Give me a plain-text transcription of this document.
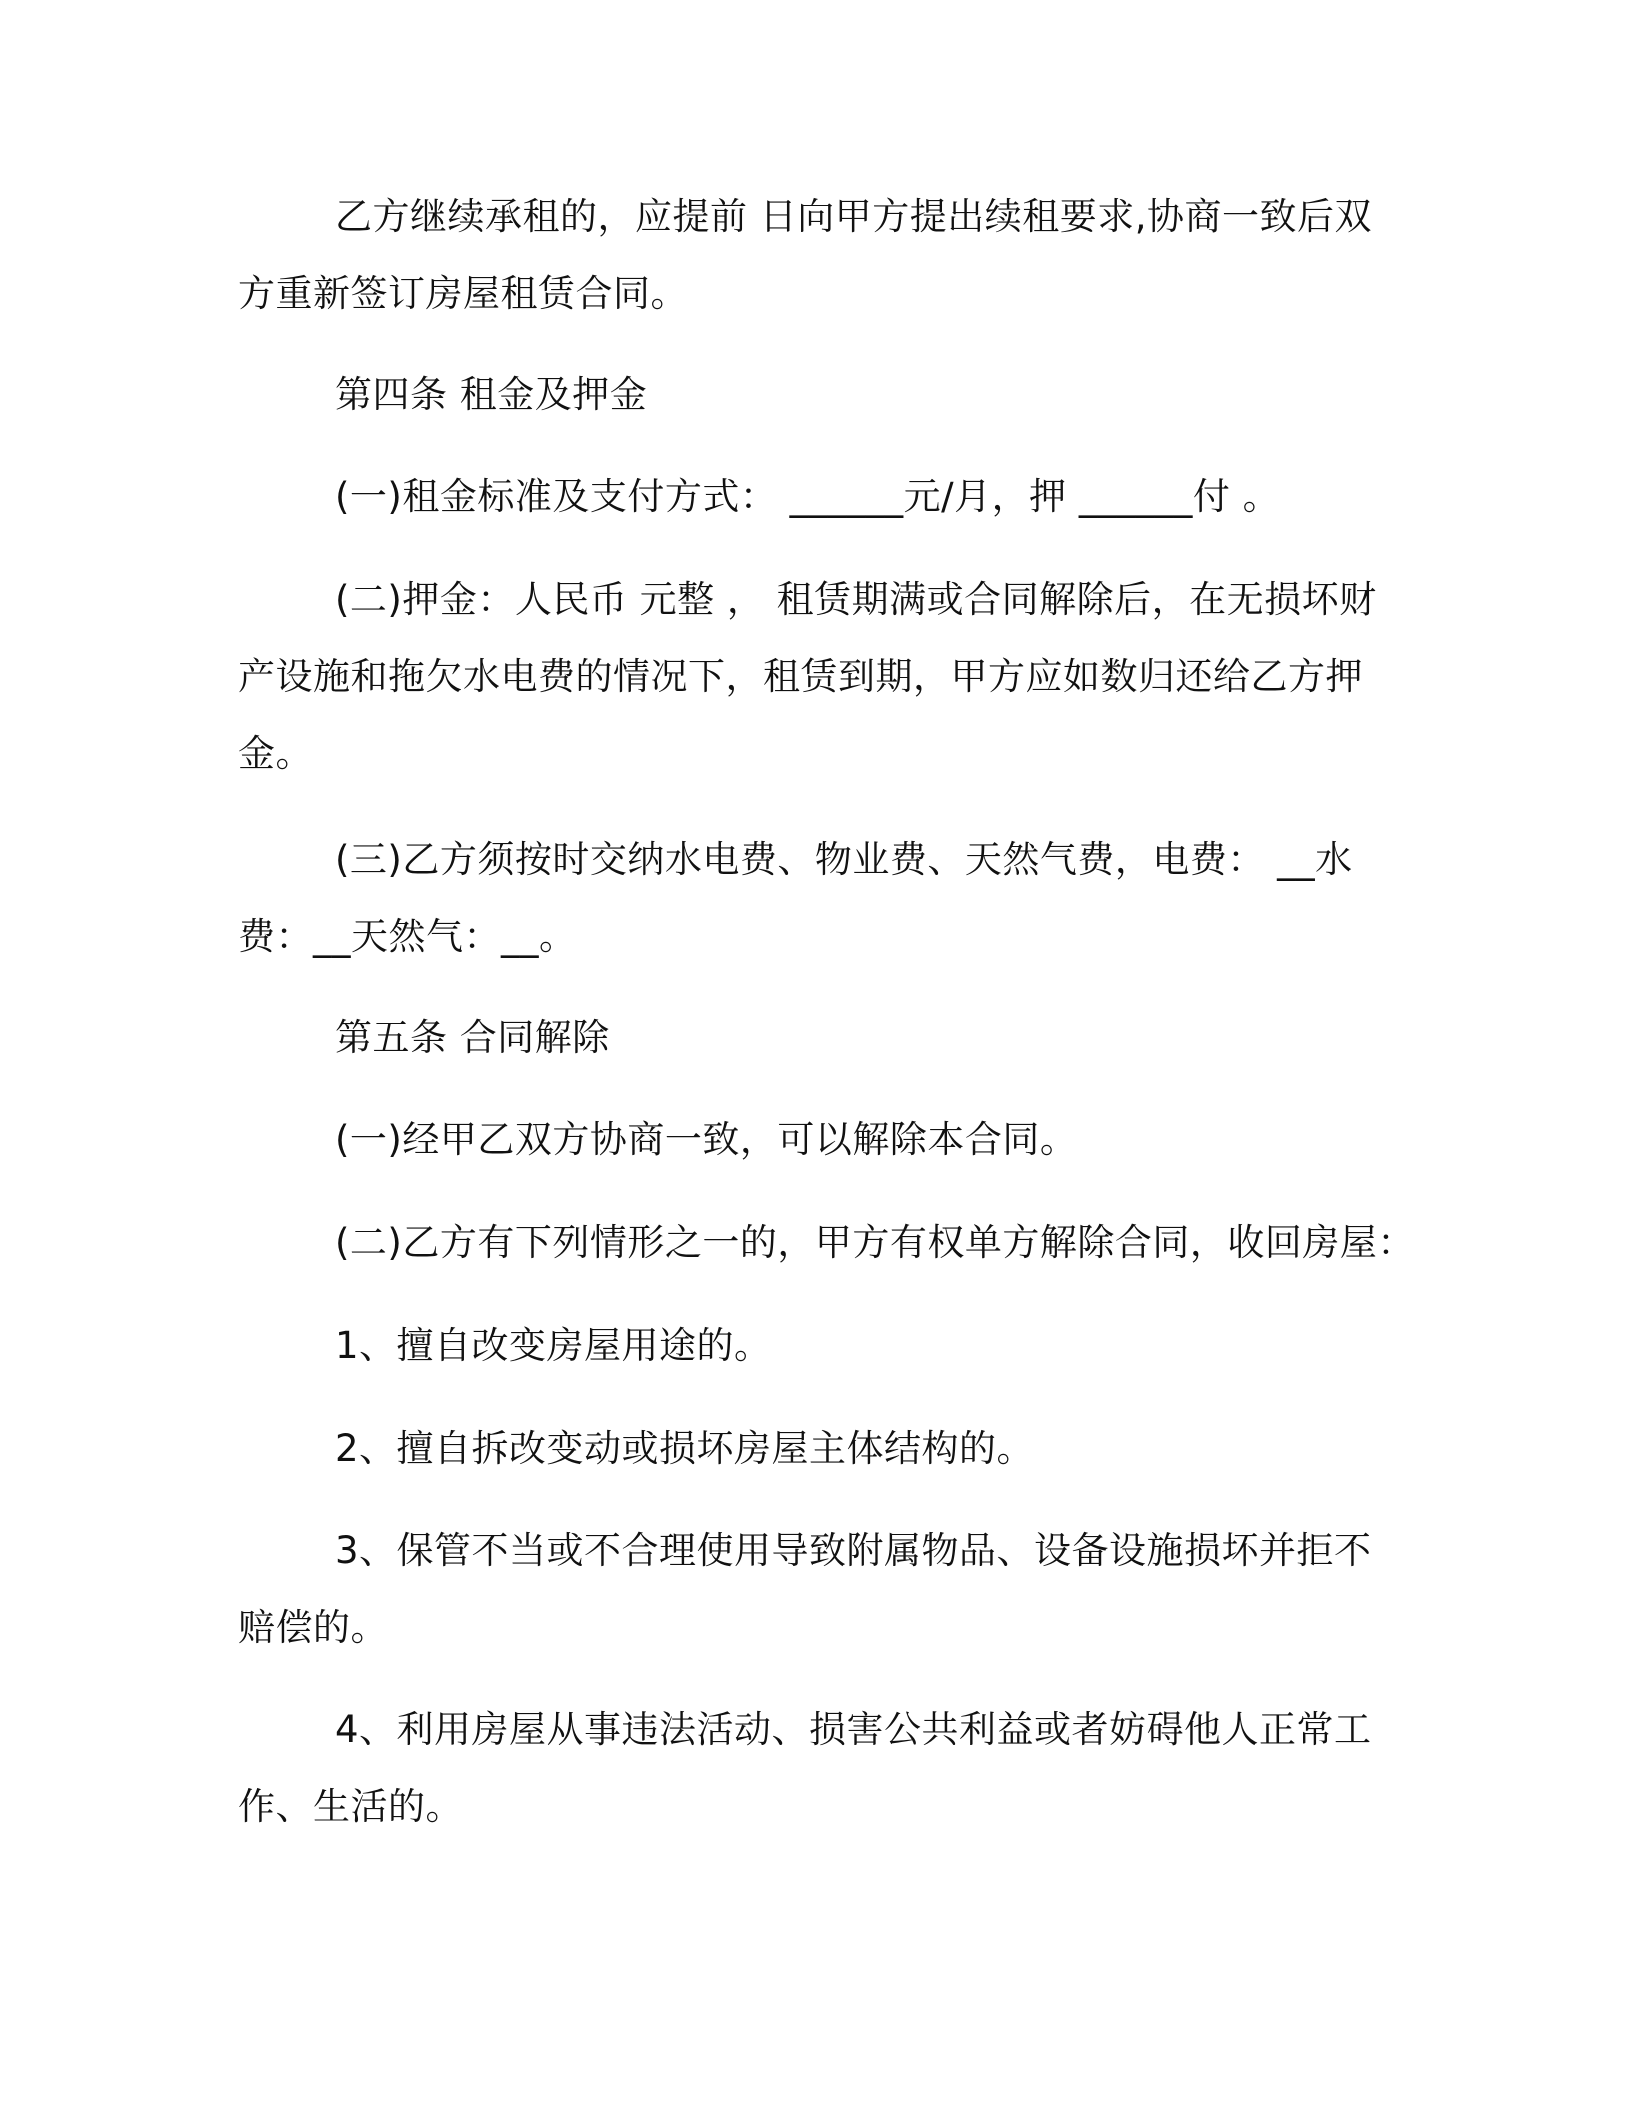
乙方继续承租的，应提前 日向甲方提出续租要求,协商一致后双方重新签订房屋租赁合同。

第四条 租金及押金

(一)租金标准及支付方式： ______元/月，押 ______付 。

(二)押金：人民币 元整 ， 租赁期满或合同解除后，在无损坏财产设施和拖欠水电费的情况下，租赁到期，甲方应如数归还给乙方押金。

(三)乙方须按时交纳水电费、物业费、天然气费，电费： __水费：__天然气：__。

第五条 合同解除

(一)经甲乙双方协商一致，可以解除本合同。

(二)乙方有下列情形之一的，甲方有权单方解除合同，收回房屋：

1、擅自改变房屋用途的。

2、擅自拆改变动或损坏房屋主体结构的。

3、保管不当或不合理使用导致附属物品、设备设施损坏并拒不赔偿的。

4、利用房屋从事违法活动、损害公共利益或者妨碍他人正常工作、生活的。
